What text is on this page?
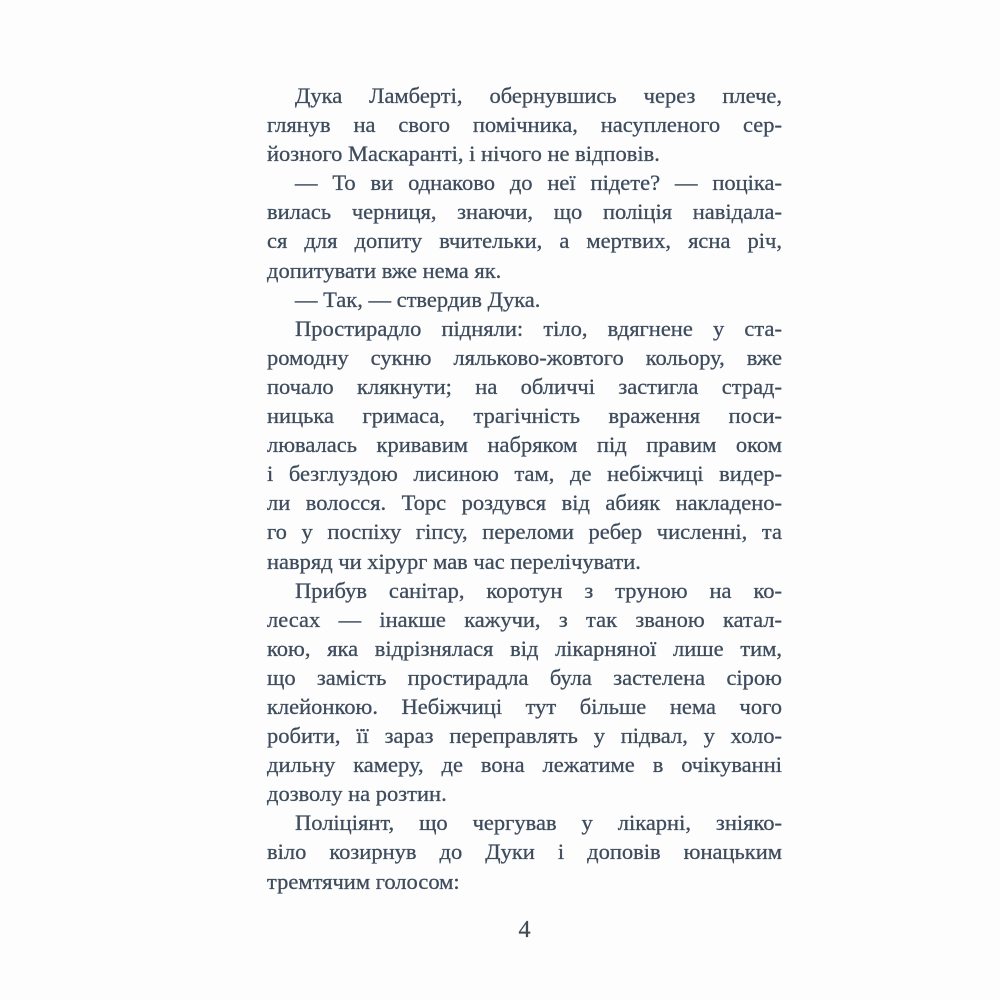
Дука Ламберті, обернувшись через плече,
глянув на свого помічника, насупленого сер-
йозного Маскаранті, і нічого не відповів.
— То ви однаково до неї підете? — поціка-
вилась черниця, знаючи, що поліція навідала-
ся для допиту вчительки, а мертвих, ясна річ,
допитувати вже нема як.
— Так, — ствердив Дука.
Простирадло підняли: тіло, вдягнене у ста-
ромодну сукню ляльково-жовтого кольору, вже
почало клякнути; на обличчі застигла страд-
ницька гримаса, трагічність враження поси-
лювалась кривавим набряком під правим оком
і безглуздою лисиною там, де небіжчиці видер-
ли волосся. Торс роздувся від абияк накладено-
го у поспіху гіпсу, переломи ребер численні, та
навряд чи хірург мав час перелічувати.
Прибув санітар, коротун з труною на ко-
лесах — інакше кажучи, з так званою катал-
кою, яка відрізнялася від лікарняної лише тим,
що замість простирадла була застелена сірою
клейонкою. Небіжчиці тут більше нема чого
робити, її зараз переправлять у підвал, у холо-
дильну камеру, де вона лежатиме в очікуванні
дозволу на розтин.
Поліціянт, що чергував у лікарні, зніяко-
віло козирнув до Дуки і доповів юнацьким
тремтячим голосом:
4
